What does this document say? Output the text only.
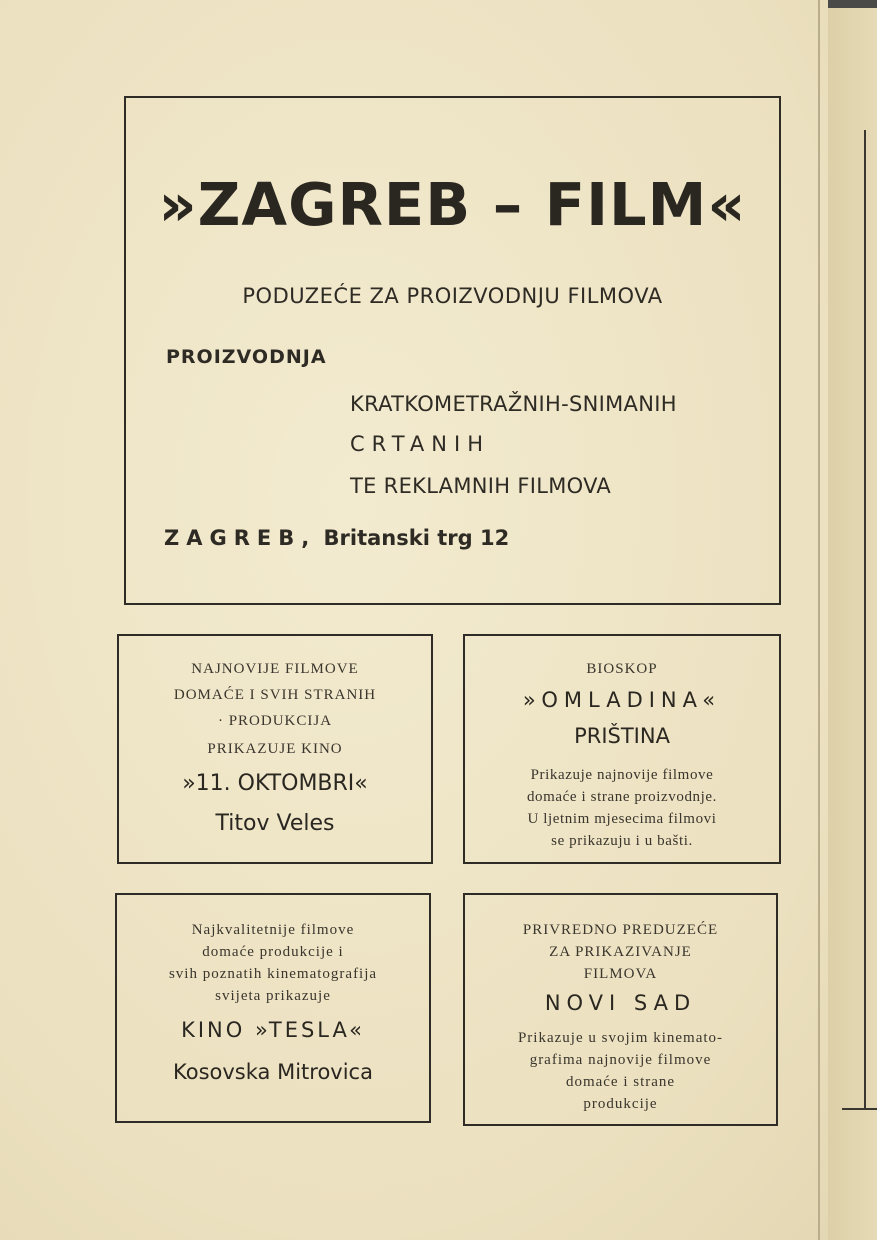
»ZAGREB – FILM«
PODUZEĆE ZA PROIZVODNJU FILMOVA
PROIZVODNJA
KRATKOMETRAŽNIH-SNIMANIH
CRTANIH
TE REKLAMNIH FILMOVA
ZAGREB, Britanski trg 12
NAJNOVIJE FILMOVE
DOMAĆE I SVIH STRANIH
· PRODUKCIJA
PRIKAZUJE KINO
»11. OKTOMBRI«
Titov Veles
BIOSKOP
»OMLADINA«
PRIŠTINA
Prikazuje najnovije filmove
domaće i strane proizvodnje.
U ljetnim mjesecima filmovi
se prikazuju i u bašti.
Najkvalitetnije filmove
domaće produkcije i
svih poznatih kinematografija
svijeta prikazuje
KINO »TESLA«
Kosovska Mitrovica
PRIVREDNO PREDUZEĆE
ZA PRIKAZIVANJE
FILMOVA
NOVI SAD
Prikazuje u svojim kinemato-
grafima najnovije filmove
domaće i strane
produkcije
